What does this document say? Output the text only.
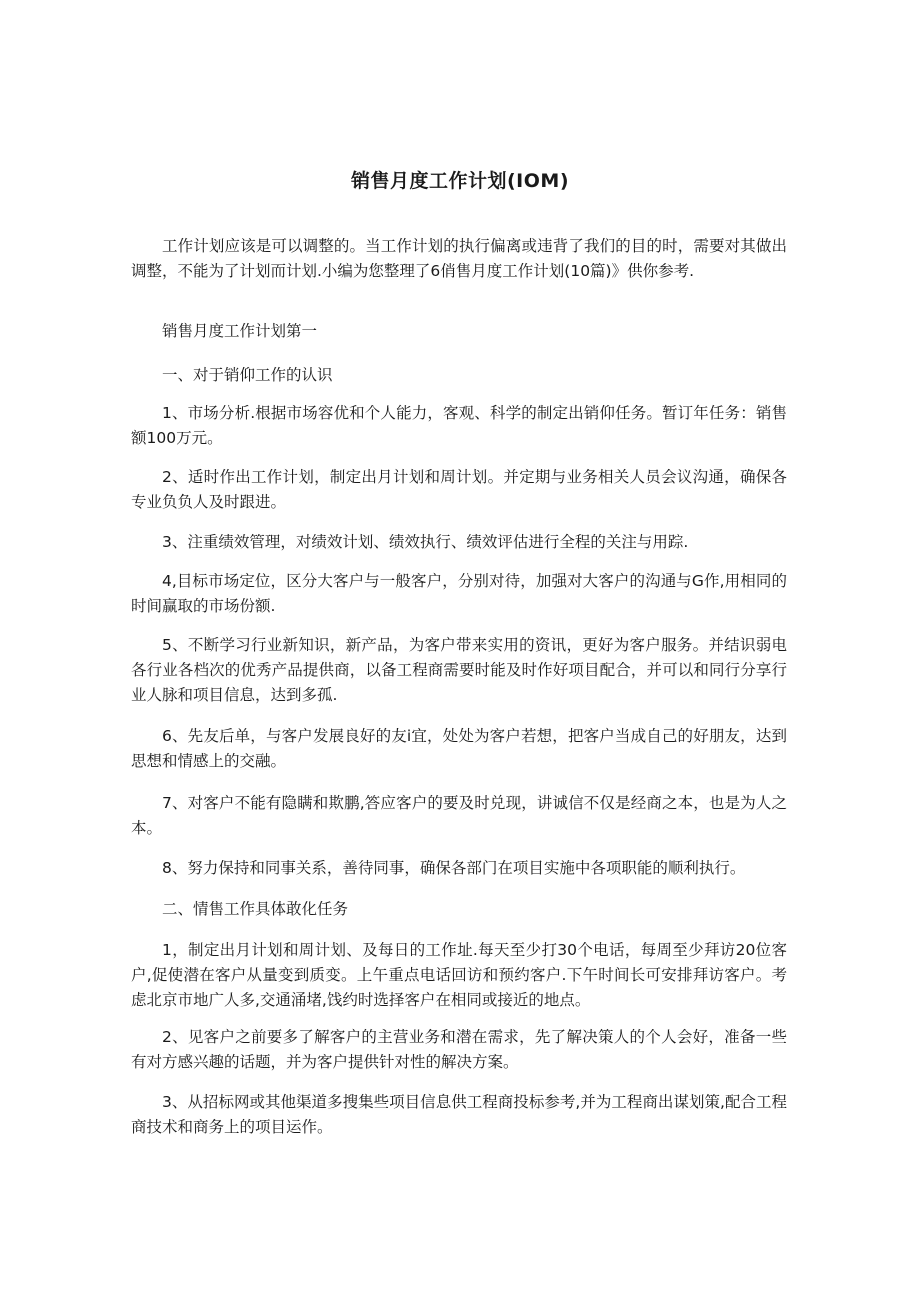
销售月度工作计划(IOM)

工作计划应该是可以调整的。当工作计划的执行偏离或违背了我们的目的时，需要对其做出调整，不能为了计划而计划.小编为您整理了6俏售月度工作计划(10篇)》供你参考.

销售月度工作计划第一

一、对于销仰工作的认识

1、市场分析.根据市场容优和个人能力，客观、科学的制定出销仰任务。暂订年任务：销售额100万元。

2、适时作出工作计划，制定出月计划和周计划。并定期与业务相关人员会议沟通，确保各专业负负人及时跟进。

3、注重绩效管理，对绩效计划、绩效执行、绩效评估进行全程的关注与用踪.

4,目标市场定位，区分大客户与一般客户，分别对待，加强对大客户的沟通与G作,用相同的时间赢取的市场份额.

5、不断学习行业新知识，新产品，为客户带来实用的资讯，更好为客户服务。并结识弱电各行业各档次的优秀产品提供商，以备工程商需要时能及时作好项目配合，并可以和同行分享行业人脉和项目信息，达到多孤.

6、先友后单，与客户发展良好的友i宜，处处为客户若想，把客户当成自己的好朋友，达到思想和情感上的交融。

7、对客户不能有隐瞒和欺鹏,答应客户的要及时兑现，讲诚信不仅是经商之本，也是为人之本。

8、努力保持和同事关系，善待同事，确保各部门在项目实施中各项职能的顺利执行。

二、情售工作具体敢化任务

1，制定出月计划和周计划、及每日的工作址.每天至少打30个电话，每周至少拜访20位客户,促使潜在客户从量变到质变。上午重点电话回访和预约客户.下午时间长可安排拜访客户。考虑北京市地广人多,交通涌堵,饯约时选择客户在相同或接近的地点。

2、见客户之前要多了解客户的主营业务和潜在需求，先了解决策人的个人会好，准备一些有对方感兴趣的话题，并为客户提供针对性的解决方案。

3、从招标网或其他渠道多搜集些项目信息供工程商投标参考,并为工程商出谋划策,配合工程商技术和商务上的项目运作。
